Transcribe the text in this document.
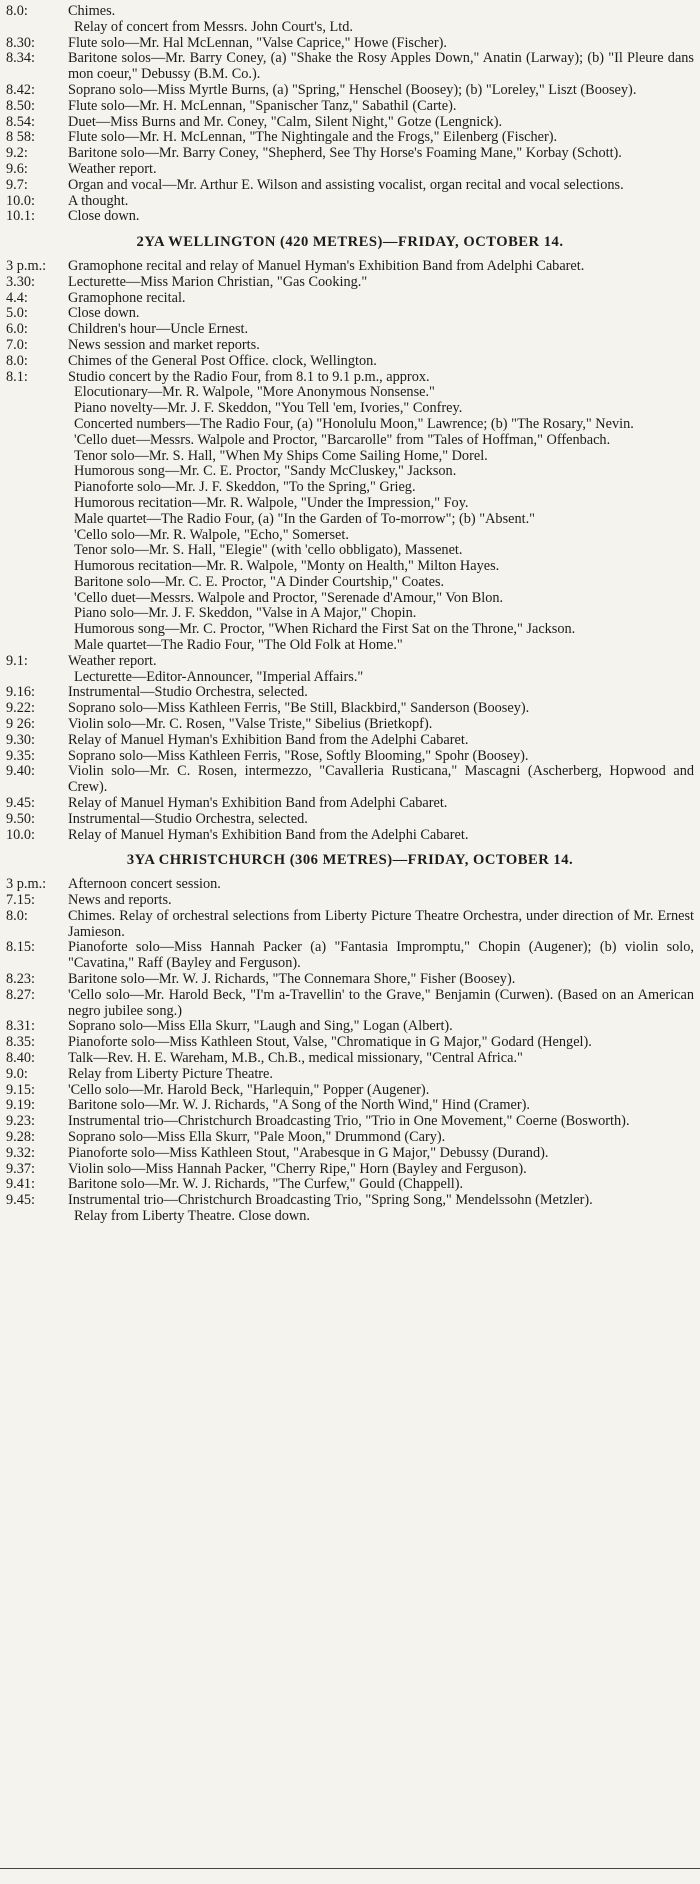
8.0:	Chimes.
Relay of concert from Messrs. John Court's, Ltd.
8.30:	Flute solo—Mr. Hal McLennan, "Valse Caprice," Howe (Fischer).
8.34:	Baritone solos—Mr. Barry Coney, (a) "Shake the Rosy Apples Down," Anatin (Larway); (b) "Il Pleure dans mon coeur," Debussy (B.M. Co.).
8.42:	Soprano solo—Miss Myrtle Burns, (a) "Spring," Henschel (Boosey); (b) "Loreley," Liszt (Boosey).
8.50:	Flute solo—Mr. H. McLennan, "Spanischer Tanz," Sabathil (Carte).
8.54:	Duet—Miss Burns and Mr. Coney, "Calm, Silent Night," Gotze (Lengnick).
8 58:	Flute solo—Mr. H. McLennan, "The Nightingale and the Frogs," Eilenberg (Fischer).
9.2:	Baritone solo—Mr. Barry Coney, "Shepherd, See Thy Horse's Foaming Mane," Korbay (Schott).
9.6:	Weather report.
9.7:	Organ and vocal—Mr. Arthur E. Wilson and assisting vocalist, organ recital and vocal selections.
10.0:	A thought.
10.1:	Close down.
2YA WELLINGTON (420 METRES)—FRIDAY, OCTOBER 14.
3 p.m.:	Gramophone recital and relay of Manuel Hyman's Exhibition Band from Adelphi Cabaret.
3.30:	Lecturette—Miss Marion Christian, "Gas Cooking."
4.4:	Gramophone recital.
5.0:	Close down.
6.0:	Children's hour—Uncle Ernest.
7.0:	News session and market reports.
8.0:	Chimes of the General Post Office. clock, Wellington.
8.1:	Studio concert by the Radio Four, from 8.1 to 9.1 p.m., approx.
Elocutionary—Mr. R. Walpole, "More Anonymous Nonsense."
Piano novelty—Mr. J. F. Skeddon, "You Tell 'em, Ivories," Confrey.
Concerted numbers—The Radio Four, (a) "Honolulu Moon," Lawrence; (b) "The Rosary," Nevin.
'Cello duet—Messrs. Walpole and Proctor, "Barcarolle" from "Tales of Hoffman," Offenbach.
Tenor solo—Mr. S. Hall, "When My Ships Come Sailing Home," Dorel.
Humorous song—Mr. C. E. Proctor, "Sandy McCluskey," Jackson.
Pianoforte solo—Mr. J. F. Skeddon, "To the Spring," Grieg.
Humorous recitation—Mr. R. Walpole, "Under the Impression," Foy.
Male quartet—The Radio Four, (a) "In the Garden of To-morrow"; (b) "Absent."
'Cello solo—Mr. R. Walpole, "Echo," Somerset.
Tenor solo—Mr. S. Hall, "Elegie" (with 'cello obbligato), Massenet.
Humorous recitation—Mr. R. Walpole, "Monty on Health," Milton Hayes.
Baritone solo—Mr. C. E. Proctor, "A Dinder Courtship," Coates.
'Cello duet—Messrs. Walpole and Proctor, "Serenade d'Amour," Von Blon.
Piano solo—Mr. J. F. Skeddon, "Valse in A Major," Chopin.
Humorous song—Mr. C. Proctor, "When Richard the First Sat on the Throne," Jackson.
Male quartet—The Radio Four, "The Old Folk at Home."
9.1:	Weather report.
Lecturette—Editor-Announcer, "Imperial Affairs."
9.16:	Instrumental—Studio Orchestra, selected.
9.22:	Soprano solo—Miss Kathleen Ferris, "Be Still, Blackbird," Sanderson (Boosey).
9 26:	Violin solo—Mr. C. Rosen, "Valse Triste," Sibelius (Brietkopf).
9.30:	Relay of Manuel Hyman's Exhibition Band from the Adelphi Cabaret.
9.35:	Soprano solo—Miss Kathleen Ferris, "Rose, Softly Blooming," Spohr (Boosey).
9.40:	Violin solo—Mr. C. Rosen, intermezzo, "Cavalleria Rusticana," Mascagni (Ascherberg, Hopwood and Crew).
9.45:	Relay of Manuel Hyman's Exhibition Band from Adelphi Cabaret.
9.50:	Instrumental—Studio Orchestra, selected.
10.0:	Relay of Manuel Hyman's Exhibition Band from the Adelphi Cabaret.
3YA CHRISTCHURCH (306 METRES)—FRIDAY, OCTOBER 14.
3 p.m.:	Afternoon concert session.
7.15:	News and reports.
8.0:	Chimes. Relay of orchestral selections from Liberty Picture Theatre Orchestra, under direction of Mr. Ernest Jamieson.
8.15:	Pianoforte solo—Miss Hannah Packer (a) "Fantasia Impromptu," Chopin (Augener); (b) violin solo, "Cavatina," Raff (Bayley and Ferguson).
8.23:	Baritone solo—Mr. W. J. Richards, "The Connemara Shore," Fisher (Boosey).
8.27:	'Cello solo—Mr. Harold Beck, "I'm a-Travellin' to the Grave," Benjamin (Curwen). (Based on an American negro jubilee song.)
8.31:	Soprano solo—Miss Ella Skurr, "Laugh and Sing," Logan (Albert).
8.35:	Pianoforte solo—Miss Kathleen Stout, Valse, "Chromatique in G Major," Godard (Hengel).
8.40:	Talk—Rev. H. E. Wareham, M.B., Ch.B., medical missionary, "Central Africa."
9.0:	Relay from Liberty Picture Theatre.
9.15:	'Cello solo—Mr. Harold Beck, "Harlequin," Popper (Augener).
9.19:	Baritone solo—Mr. W. J. Richards, "A Song of the North Wind," Hind (Cramer).
9.23:	Instrumental trio—Christchurch Broadcasting Trio, "Trio in One Movement," Coerne (Bosworth).
9.28:	Soprano solo—Miss Ella Skurr, "Pale Moon," Drummond (Cary).
9.32:	Pianoforte solo—Miss Kathleen Stout, "Arabesque in G Major," Debussy (Durand).
9.37:	Violin solo—Miss Hannah Packer, "Cherry Ripe," Horn (Bayley and Ferguson).
9.41:	Baritone solo—Mr. W. J. Richards, "The Curfew," Gould (Chappell).
9.45:	Instrumental trio—Christchurch Broadcasting Trio, "Spring Song," Mendelssohn (Metzler).
Relay from Liberty Theatre. Close down.
